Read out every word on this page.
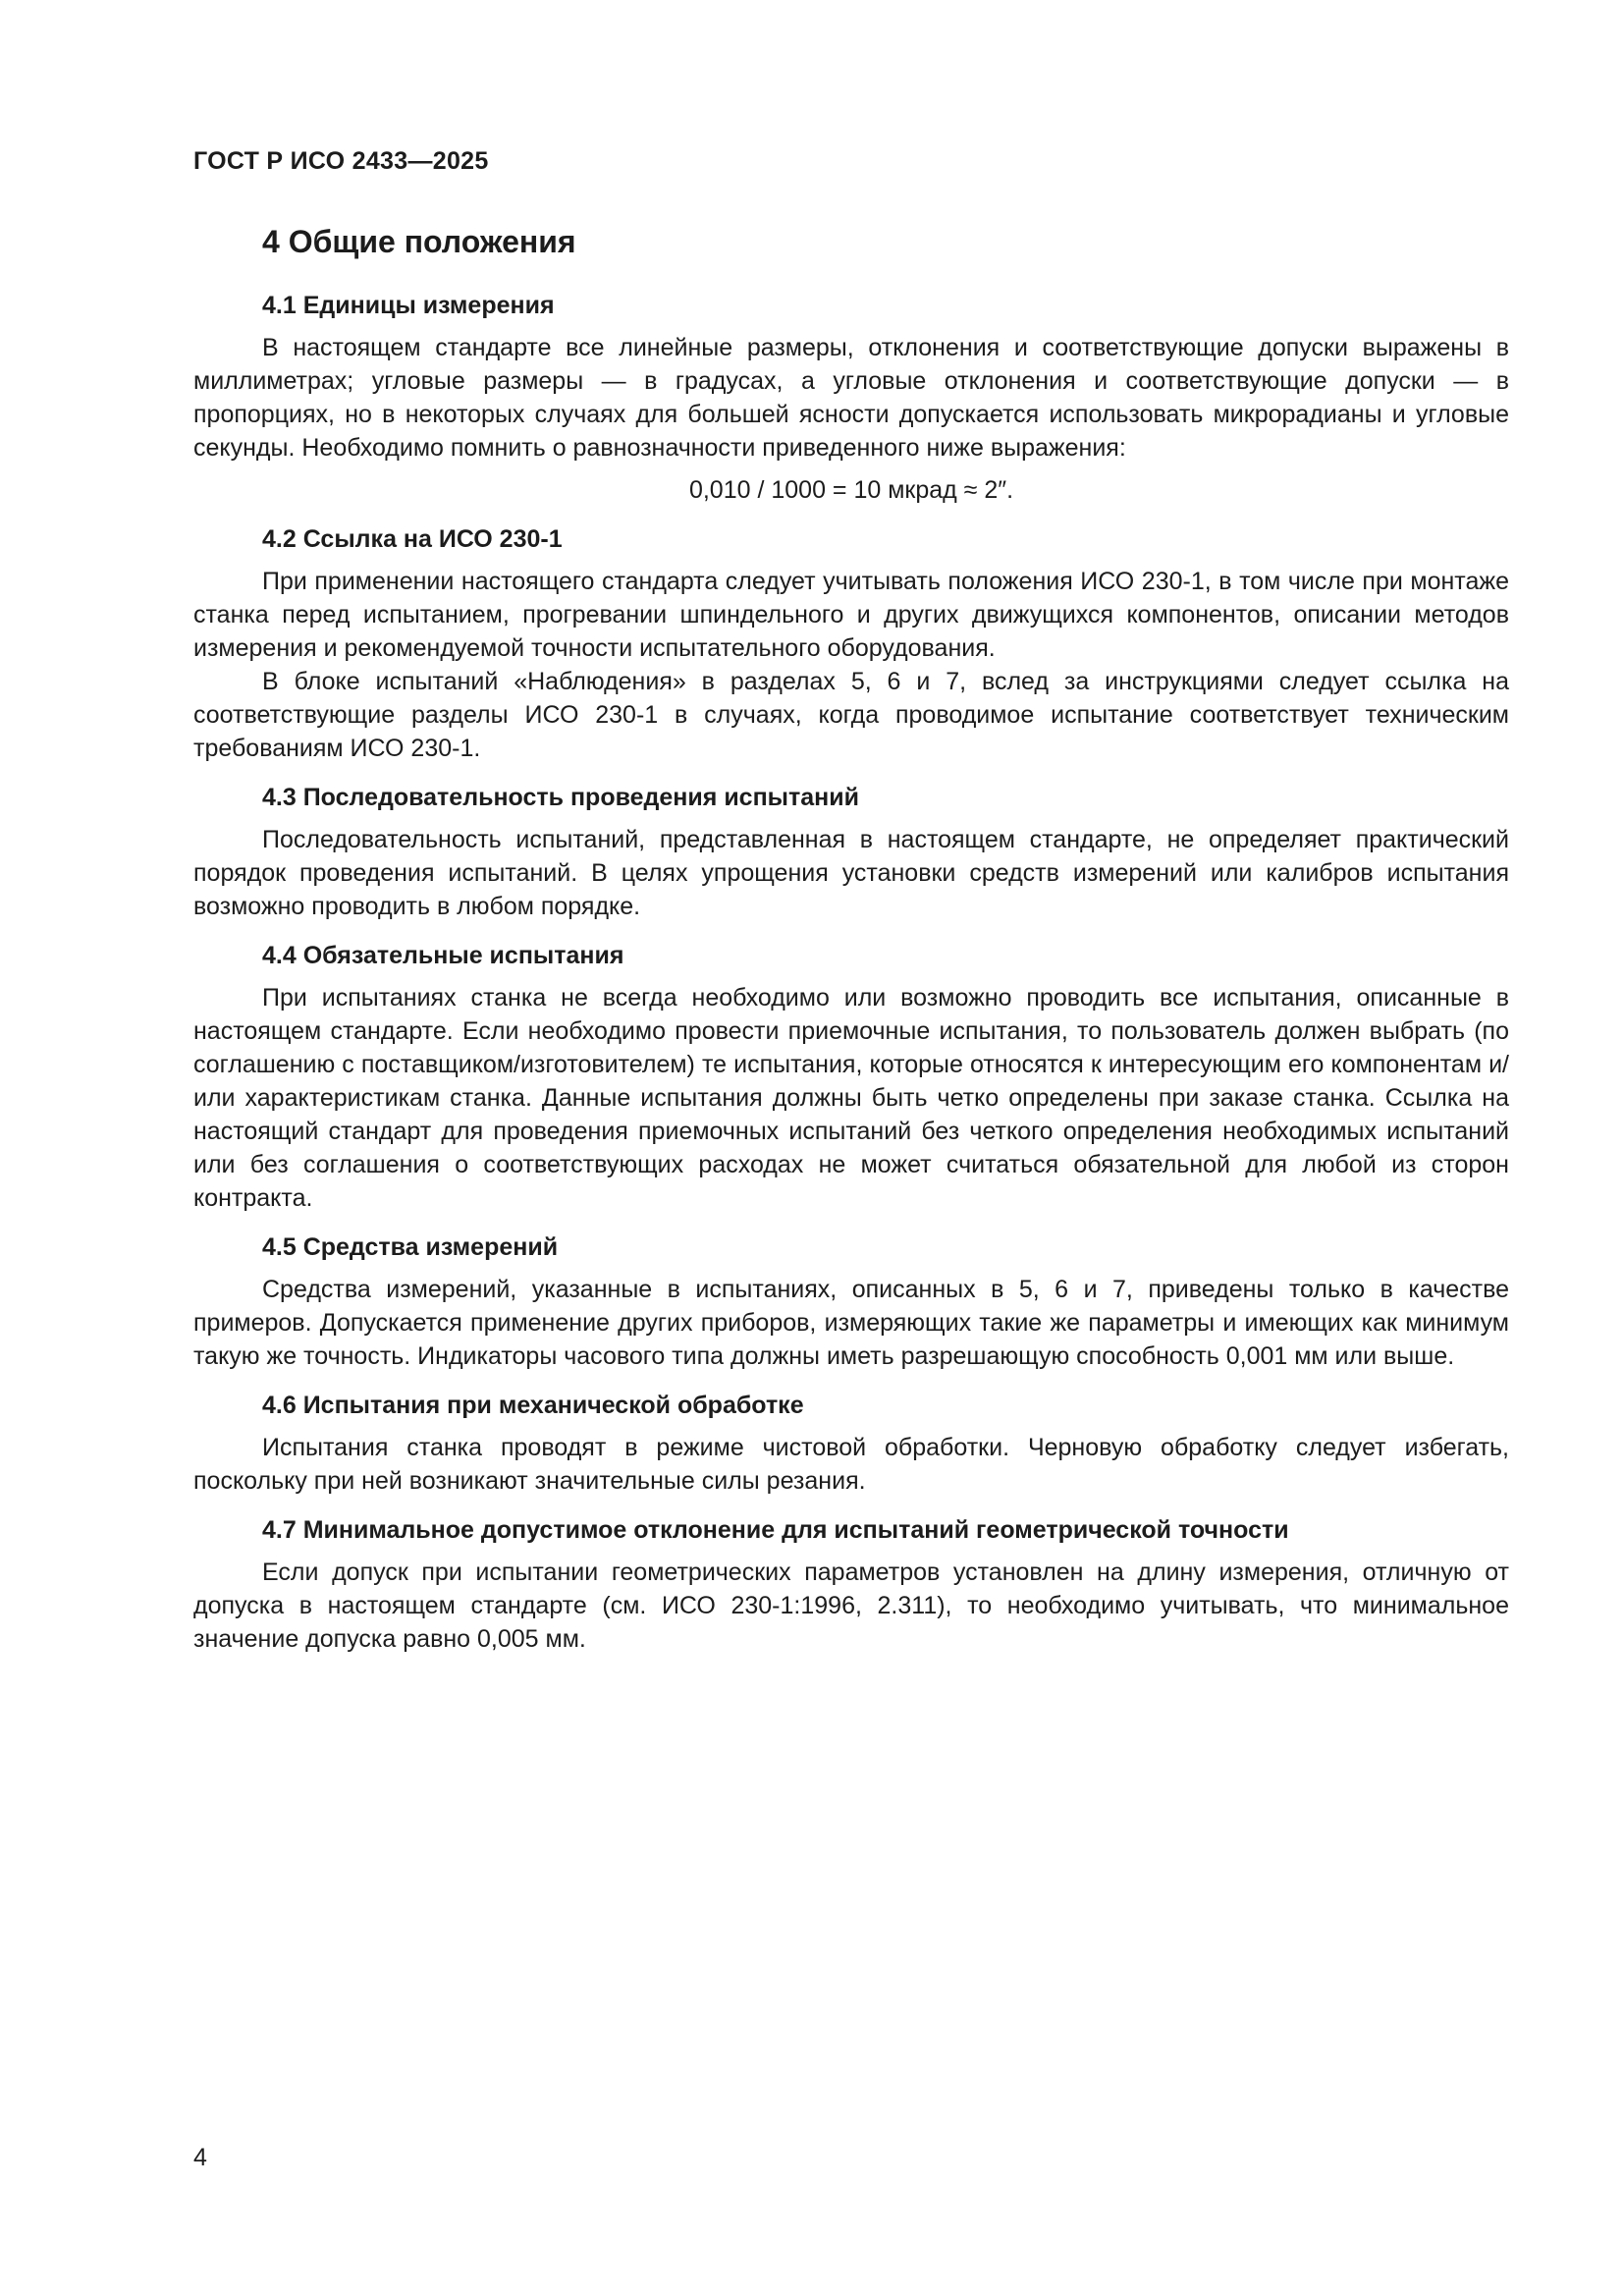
ГОСТ Р ИСО 2433—2025
4 Общие положения
4.1 Единицы измерения

В настоящем стандарте все линейные размеры, отклонения и соответствующие допуски выражены в миллиметрах; угловые размеры — в градусах, а угловые отклонения и соответствующие допуски — в пропорциях, но в некоторых случаях для большей ясности допускается использовать микрорадианы и угловые секунды. Необходимо помнить о равнозначности приведенного ниже выражения:

0,010 / 1000 = 10 мкрад ≈ 2″.
4.2 Ссылка на ИСО 230-1

При применении настоящего стандарта следует учитывать положения ИСО 230-1, в том числе при монтаже станка перед испытанием, прогревании шпиндельного и других движущихся компонентов, описании методов измерения и рекомендуемой точности испытательного оборудования.

В блоке испытаний «Наблюдения» в разделах 5, 6 и 7, вслед за инструкциями следует ссылка на соответствующие разделы ИСО 230-1 в случаях, когда проводимое испытание соответствует техническим требованиям ИСО 230-1.

4.3 Последовательность проведения испытаний

Последовательность испытаний, представленная в настоящем стандарте, не определяет практический порядок проведения испытаний. В целях упрощения установки средств измерений или калибров испытания возможно проводить в любом порядке.

4.4 Обязательные испытания

При испытаниях станка не всегда необходимо или возможно проводить все испытания, описанные в настоящем стандарте. Если необходимо провести приемочные испытания, то пользователь должен выбрать (по соглашению с поставщиком/изготовителем) те испытания, которые относятся к интересующим его компонентам и/или характеристикам станка. Данные испытания должны быть четко определены при заказе станка. Ссылка на настоящий стандарт для проведения приемочных испытаний без четкого определения необходимых испытаний или без соглашения о соответствующих расходах не может считаться обязательной для любой из сторон контракта.

4.5 Средства измерений

Средства измерений, указанные в испытаниях, описанных в 5, 6 и 7, приведены только в качестве примеров. Допускается применение других приборов, измеряющих такие же параметры и имеющих как минимум такую же точность. Индикаторы часового типа должны иметь разрешающую способность 0,001 мм или выше.

4.6 Испытания при механической обработке

Испытания станка проводят в режиме чистовой обработки. Черновую обработку следует избегать, поскольку при ней возникают значительные силы резания.

4.7 Минимальное допустимое отклонение для испытаний геометрической точности

Если допуск при испытании геометрических параметров установлен на длину измерения, отличную от допуска в настоящем стандарте (см. ИСО 230-1:1996, 2.311), то необходимо учитывать, что минимальное значение допуска равно 0,005 мм.

4
